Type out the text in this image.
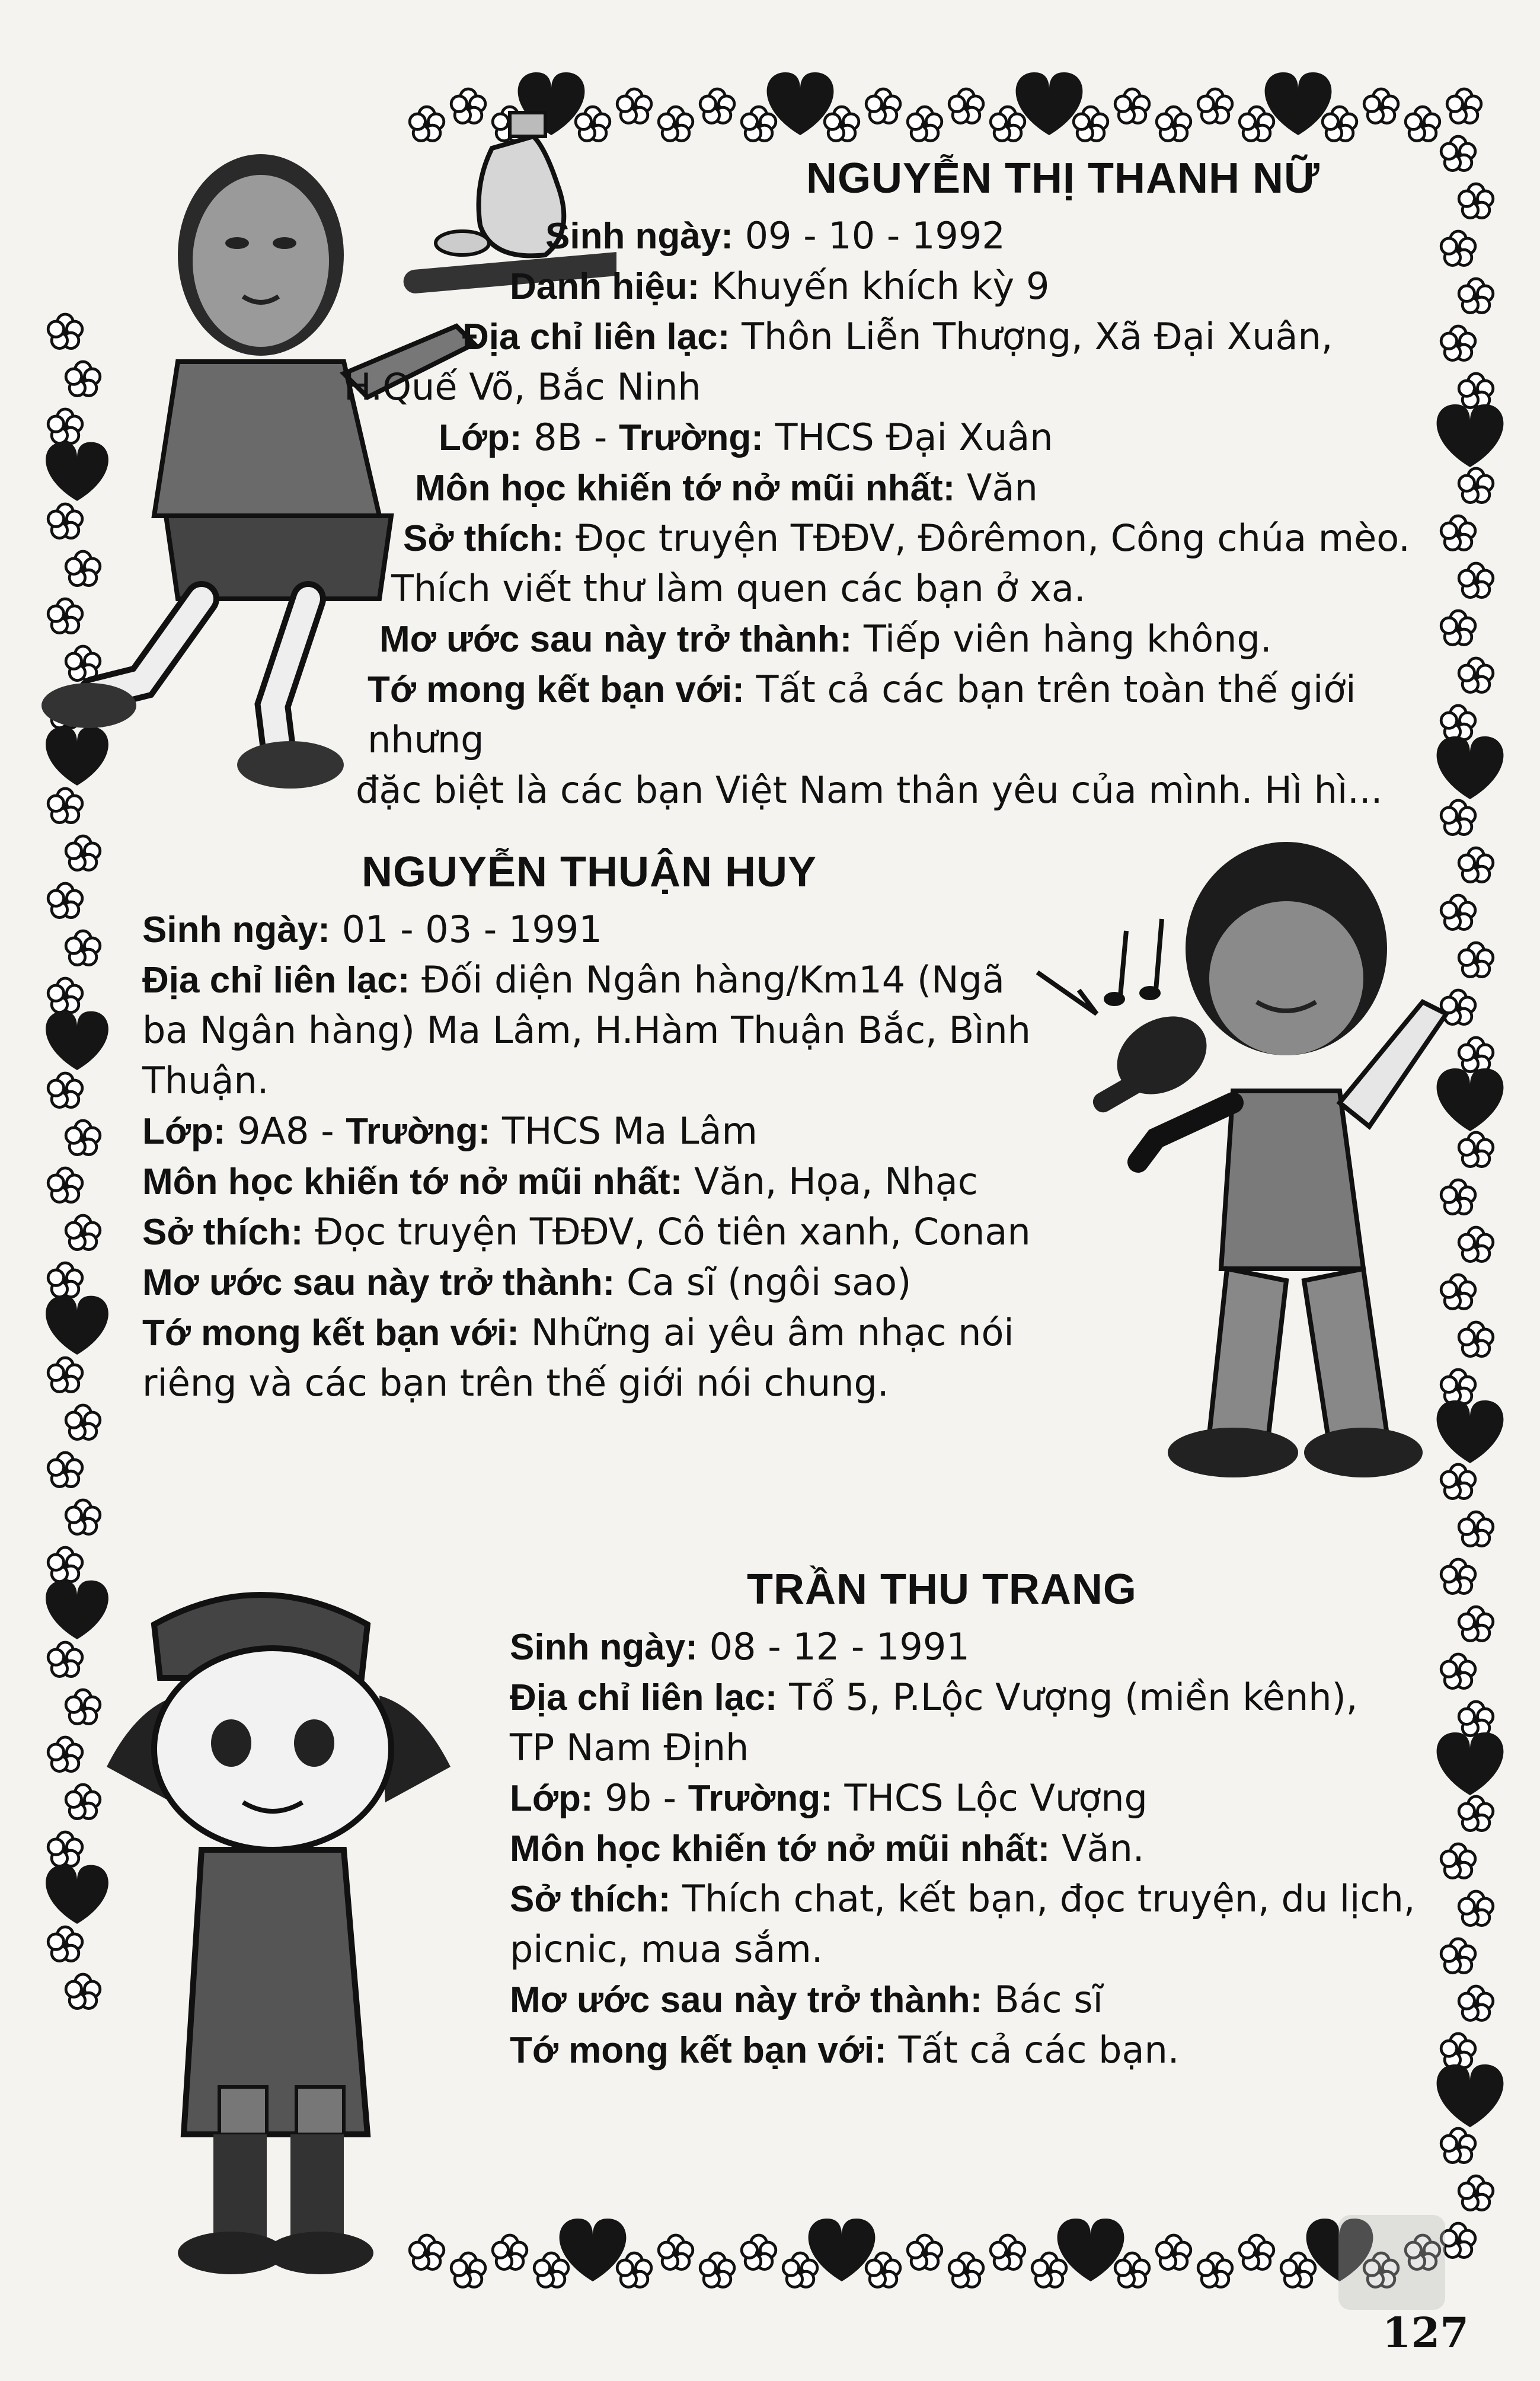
NGUYỄN THỊ THANH NỮ

Sinh ngày: 09 - 10 - 1992

Danh hiệu: Khuyến khích kỳ 9

Địa chỉ liên lạc: Thôn Liễn Thượng, Xã Đại Xuân,

H.Quế Võ, Bắc Ninh

Lớp: 8B - Trường: THCS Đại Xuân

Môn học khiến tớ nở mũi nhất: Văn

Sở thích: Đọc truyện TĐĐV, Đôrêmon, Công chúa mèo.

Thích viết thư làm quen các bạn ở xa.

Mơ ước sau này trở thành: Tiếp viên hàng không.

Tớ mong kết bạn với: Tất cả các bạn trên toàn thế giới nhưng

đặc biệt là các bạn Việt Nam thân yêu của mình. Hì hì...

NGUYỄN THUẬN HUY

Sinh ngày: 01 - 03 - 1991

Địa chỉ liên lạc: Đối diện Ngân hàng/Km14 (Ngã

ba Ngân hàng) Ma Lâm, H.Hàm Thuận Bắc, Bình

Thuận.

Lớp: 9A8 - Trường: THCS Ma Lâm

Môn học khiến tớ nở mũi nhất: Văn, Họa, Nhạc

Sở thích: Đọc truyện TĐĐV, Cô tiên xanh, Conan

Mơ ước sau này trở thành: Ca sĩ (ngôi sao)

Tớ mong kết bạn với: Những ai yêu âm nhạc nói

riêng và các bạn trên thế giới nói chung.

TRẦN THU TRANG

Sinh ngày: 08 - 12 - 1991

Địa chỉ liên lạc: Tổ 5, P.Lộc Vượng (miền kênh),

TP Nam Định

Lớp: 9b - Trường: THCS Lộc Vượng

Môn học khiến tớ nở mũi nhất: Văn.

Sở thích: Thích chat, kết bạn, đọc truyện, du lịch,

picnic, mua sắm.

Mơ ước sau này trở thành: Bác sĩ

Tớ mong kết bạn với: Tất cả các bạn.

127
